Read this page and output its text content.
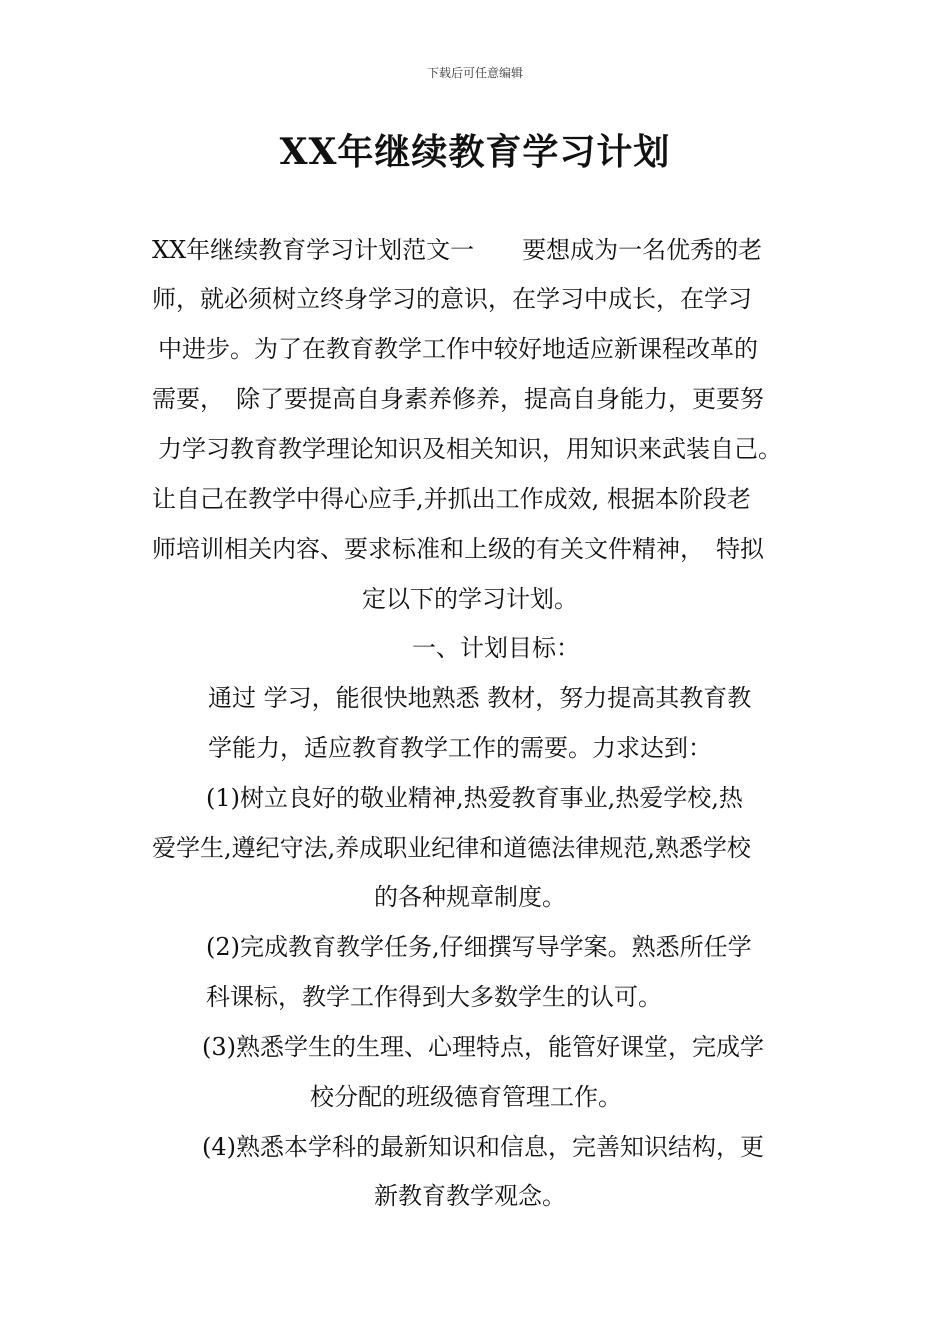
下载后可任意编辑
XX年继续教育学习计划

XX年继续教育学习计划范文一　　要想成为一名优秀的老

师，就必须树立终身学习的意识，在学习中成长，在学习

中进步。为了在教育教学工作中较好地适应新课程改革的

需要，　除了要提高自身素养修养，提高自身能力，更要努

力学习教育教学理论知识及相关知识，用知识来武装自己。

让自己在教学中得心应手,并抓出工作成效, 根据本阶段老

师培训相关内容、要求标准和上级的有关文件精神，　特拟

定以下的学习计划。

一、计划目标：

通过 学习，能很快地熟悉 教材，努力提高其教育教

学能力，适应教育教学工作的需要。力求达到：

(1)树立良好的敬业精神,热爱教育事业,热爱学校,热

爱学生,遵纪守法,养成职业纪律和道德法律规范,熟悉学校

的各种规章制度。

(2)完成教育教学任务,仔细撰写导学案。熟悉所任学

科课标，教学工作得到大多数学生的认可。

(3)熟悉学生的生理、心理特点，能管好课堂，完成学

校分配的班级德育管理工作。

(4)熟悉本学科的最新知识和信息，完善知识结构，更

新教育教学观念。
